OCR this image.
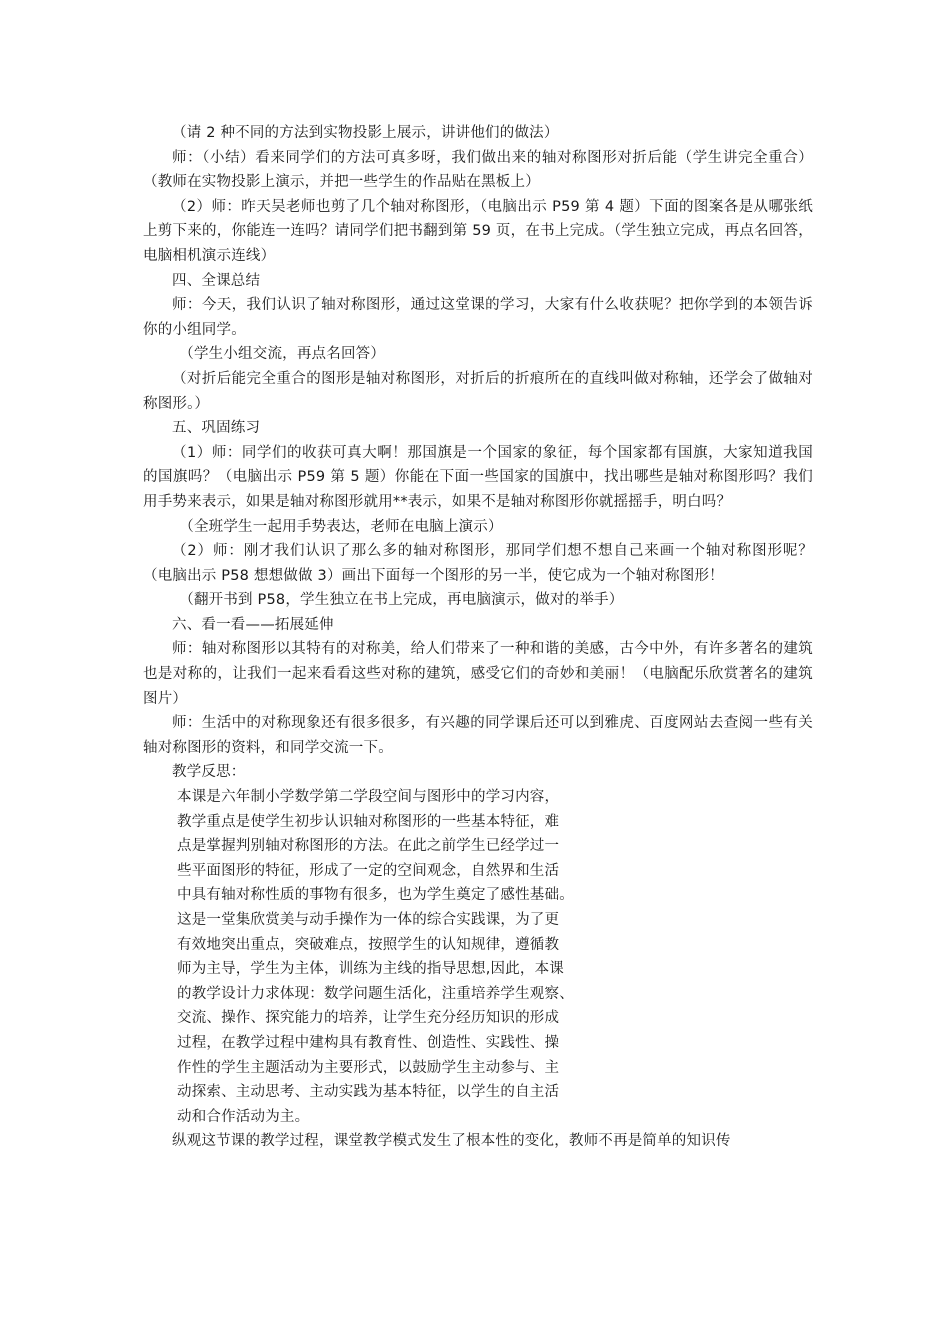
（请 2 种不同的方法到实物投影上展示，讲讲他们的做法）

师：（小结）看来同学们的方法可真多呀，我们做出来的轴对称图形对折后能（学生讲完全重合）（教师在实物投影上演示，并把一些学生的作品贴在黑板上）

（2）师：昨天吴老师也剪了几个轴对称图形，（电脑出示 P59 第 4 题）下面的图案各是从哪张纸上剪下来的，你能连一连吗？请同学们把书翻到第 59 页，在书上完成。（学生独立完成，再点名回答，电脑相机演示连线）

四、全课总结

师：今天，我们认识了轴对称图形，通过这堂课的学习，大家有什么收获呢？把你学到的本领告诉你的小组同学。

（学生小组交流，再点名回答）

（对折后能完全重合的图形是轴对称图形，对折后的折痕所在的直线叫做对称轴，还学会了做轴对称图形。）

五、巩固练习

（1）师：同学们的收获可真大啊！那国旗是一个国家的象征，每个国家都有国旗，大家知道我国的国旗吗？（电脑出示 P59 第 5 题）你能在下面一些国家的国旗中，找出哪些是轴对称图形吗？我们用手势来表示，如果是轴对称图形就用**表示，如果不是轴对称图形你就摇摇手，明白吗？

（全班学生一起用手势表达，老师在电脑上演示）

（2）师：刚才我们认识了那么多的轴对称图形，那同学们想不想自己来画一个轴对称图形呢？（电脑出示 P58 想想做做 3）画出下面每一个图形的另一半，使它成为一个轴对称图形！

（翻开书到 P58，学生独立在书上完成，再电脑演示，做对的举手）

六、看一看——拓展延伸

师：轴对称图形以其特有的对称美，给人们带来了一种和谐的美感，古今中外，有许多著名的建筑也是对称的，让我们一起来看看这些对称的建筑，感受它们的奇妙和美丽！（电脑配乐欣赏著名的建筑图片）

师：生活中的对称现象还有很多很多，有兴趣的同学课后还可以到雅虎、百度网站去查阅一些有关轴对称图形的资料，和同学交流一下。

教学反思：

本课是六年制小学数学第二学段空间与图形中的学习内容，
教学重点是使学生初步认识轴对称图形的一些基本特征，难
点是掌握判别轴对称图形的方法。在此之前学生已经学过一
些平面图形的特征，形成了一定的空间观念，自然界和生活
中具有轴对称性质的事物有很多，也为学生奠定了感性基础。
这是一堂集欣赏美与动手操作为一体的综合实践课，为了更
有效地突出重点，突破难点，按照学生的认知规律，遵循教
师为主导，学生为主体，训练为主线的指导思想,因此，本课
的教学设计力求体现：数学问题生活化，注重培养学生观察、
交流、操作、探究能力的培养，让学生充分经历知识的形成
过程，在教学过程中建构具有教育性、创造性、实践性、操
作性的学生主题活动为主要形式，以鼓励学生主动参与、主
动探索、主动思考、主动实践为基本特征，以学生的自主活
动和合作活动为主。

纵观这节课的教学过程，课堂教学模式发生了根本性的变化，教师不再是简单的知识传
